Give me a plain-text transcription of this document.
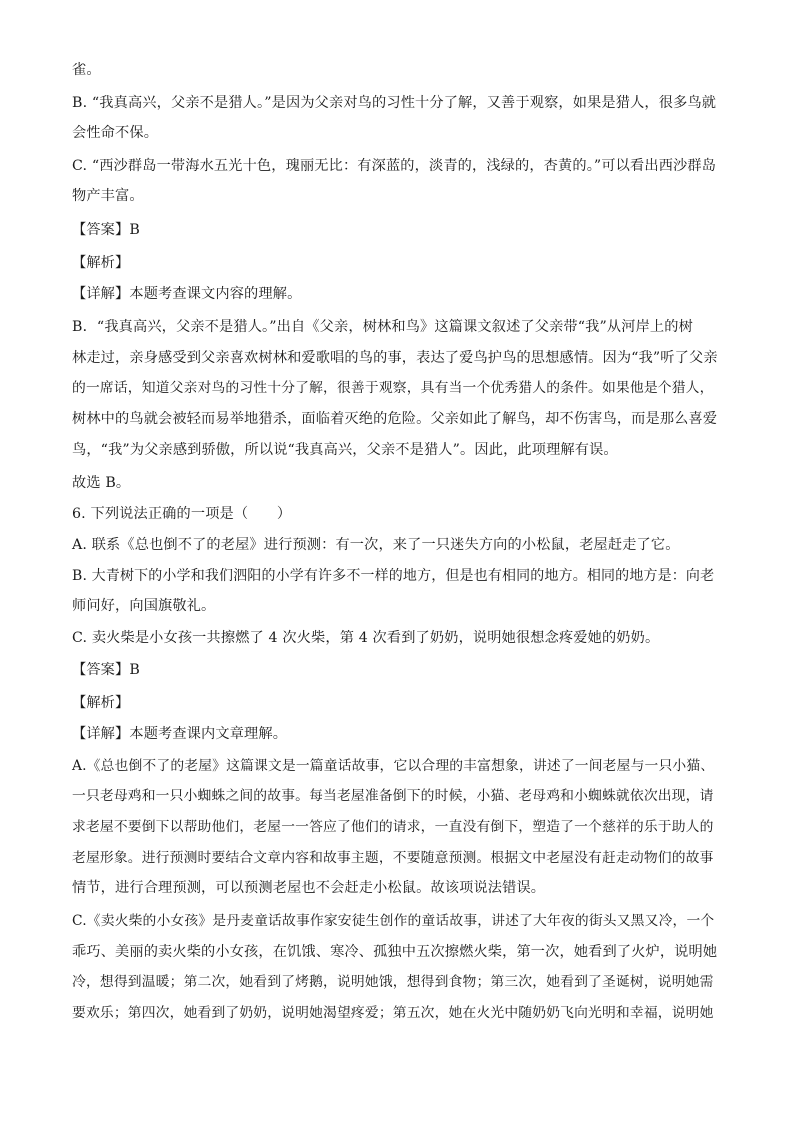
雀。
B. “我真高兴，父亲不是猎人。”是因为父亲对鸟的习性十分了解，又善于观察，如果是猎人，很多鸟就
会性命不保。
C. “西沙群岛一带海水五光十色，瑰丽无比：有深蓝的，淡青的，浅绿的，杏黄的。”可以看出西沙群岛
物产丰富。
【答案】B
【解析】
【详解】本题考查课文内容的理解。
B．“我真高兴，父亲不是猎人。”出自《父亲，树林和鸟》这篇课文叙述了父亲带“我”从河岸上的树
林走过，亲身感受到父亲喜欢树林和爱歌唱的鸟的事，表达了爱鸟护鸟的思想感情。因为“我”听了父亲
的一席话，知道父亲对鸟的习性十分了解，很善于观察，具有当一个优秀猎人的条件。如果他是个猎人，
树林中的鸟就会被轻而易举地猎杀，面临着灭绝的危险。父亲如此了解鸟，却不伤害鸟，而是那么喜爱
鸟，“我”为父亲感到骄傲，所以说“我真高兴，父亲不是猎人”。因此，此项理解有误。
故选 B。
6. 下列说法正确的一项是（　　）
A. 联系《总也倒不了的老屋》进行预测：有一次，来了一只迷失方向的小松鼠，老屋赶走了它。
B. 大青树下的小学和我们泗阳的小学有许多不一样的地方，但是也有相同的地方。相同的地方是：向老
师问好，向国旗敬礼。
C. 卖火柴是小女孩一共擦燃了 4 次火柴，第 4 次看到了奶奶，说明她很想念疼爱她的奶奶。
【答案】B
【解析】
【详解】本题考查课内文章理解。
A.《总也倒不了的老屋》这篇课文是一篇童话故事，它以合理的丰富想象，讲述了一间老屋与一只小猫、
一只老母鸡和一只小蜘蛛之间的故事。每当老屋准备倒下的时候，小猫、老母鸡和小蜘蛛就依次出现，请
求老屋不要倒下以帮助他们，老屋一一答应了他们的请求，一直没有倒下，塑造了一个慈祥的乐于助人的
老屋形象。进行预测时要结合文章内容和故事主题，不要随意预测。根据文中老屋没有赶走动物们的故事
情节，进行合理预测，可以预测老屋也不会赶走小松鼠。故该项说法错误。
C.《卖火柴的小女孩》是丹麦童话故事作家安徒生创作的童话故事，讲述了大年夜的街头又黑又冷，一个
乖巧、美丽的卖火柴的小女孩，在饥饿、寒冷、孤独中五次擦燃火柴，第一次，她看到了火炉，说明她
冷，想得到温暖；第二次，她看到了烤鹅，说明她饿，想得到食物；第三次，她看到了圣诞树，说明她需
要欢乐；第四次，她看到了奶奶，说明她渴望疼爱；第五次，她在火光中随奶奶飞向光明和幸福，说明她
